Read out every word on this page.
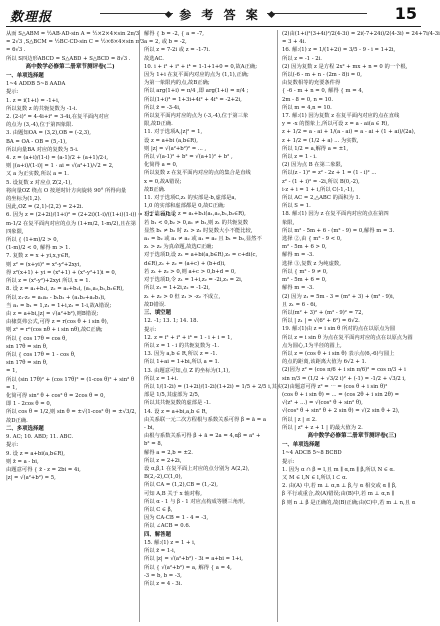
数理报	参 考 答 案	15
从而 S△ABM = ½AB·AD·sin A = ½×2×4×sin 2π/3
= 2√3 ,S△BCM = ½BC·CD·sin C = ½×6×4×sin π/3
= 6√3 .
所以 S四边形ABCD = S△ABD + S△BCD = 8√3 .
高中数学必修第二册章节测评卷(二)
一、单项选择题
1~4 ADDB 5~8 AADA
提示:
1. z = i(1+i) = -1+i,
所以复数 z 的共轭复数为 -1-i.
2. (2-i)² = 4-4i+i² = 3-4i,在复平面内对应
的点为 (3,-4),位于第四象限.
3. 由题知OA = (3,2),OB = (-2,3),
BA = OA - OB = (5,-1),
所以向量BA 对应的复数为 5-i.
4. z = (a+i)/(1-i) = (a-1)/2 + (a+1)/2·i,
则 |(a+i)/(1-i)| = 1 · ai = √(a²+1)/√2 = 2,
又 a 为正实数,所以 a = 1.
5. 设复数 z 对应点 Z(2,-1),
将向量OZ 绕点 O 按逆时针方向旋转 90° 所得向量
的坐标为(1,2).
因此,OZ = (2,1)·(2,2) = 2+2i.
6. 因为 z = (2+2i)/(1+i)² = (2+2i)(1-i)/((1+i)(1-i)) = 1/2 + m/2 i,
m-1/2 在复平面内对应的点为 (1+m/2, 1-m/2),且在第
四象限,
所以 { (1+m)/2 > 0,
(1-m)/2 < 0, 解得 m > 1.
7. 复数 z = x + yi,x,y∈R,
则 z² = (x+yi)² = x²-y²+2xyi,
得 z²(x+1) + yi = (x²+1) + (x²-y²+1)i = 0,
所以 z = (x²-y²)+2xyi 所以 x = 1.
8. 设 z = a₁+b₁i, z₂ = a₂+b₂i, (a₁,a₂,b₁,b₂∈R),
所以 z₁·z₂ = a₁a₂ - b₁b₂ + (a₁b₂+a₂b₁)i,
当 a₁ = b₁ = 1,z₁ = 1+i,z₂ = 1-i,故A错误;
由 z = a+bi,|z| = √(a²+b²),则B错误;
由棣莫弗公式,可得 z = r(cos θ + i sin θ),
则 zⁿ = rⁿ(cos nθ + i sin nθ),故C正确;
所以 { cos 17θ = cos θ,
sin 17θ = sin θ,
所以 { cos 17θ = 1 - cos θ,
sin 17θ = sin θ,
= 1,
所以 (sin 17θ)² + (cos 17θ)² = (1-cos θ)² + sin² θ
= 1,
化简可得 sin² θ + cos² θ = 2cos θ = 0,
即 1 - 2cos θ = 0,
所以 cos θ = 1/2,则 sin θ = ±√(1-cos² θ) = ±√3/2,
故D正确.
二、多项选择题
9. AC; 10. ABD; 11. ABC.
提示:
9. 设 z = a+bi(a,b∈R),
则 z̄ = a - bi,
由题意可得 { z̄ - z = 2bi = 4i,
|z| = √(a²+b²) = 5,
解得 { b = -2, { a = -7,
a = 2, 或 b = -2,
所以 z = 7-2i 或 z = -1-7i.
故选AC.
10. i + i² + i³ + i⁴ = 1-1+1+0 = 0,故A正确;
因为 1+i 在复平面内对应的点为 (1,1),正确;
为第一象限内的点,故B正确;
所以 arg(1+i) = π/4 ,即 arg(1+i) = π/4 ;
所以(1+i)³ = 1+3i+4i² + 4i³ = -2+2i,
所以 z̄ = -3-4i,
所以复平面内对应的点为 (-3,-4),位于第三象
限,故D正确.
11. 对于选项A,|z|² = 1,
设 z = a+bi (a,b∈R),
则 |z| = √(a²+b²)² = ... ,
所以 √(a-1)² + b² = √(a+1)² + b² ,
化简得 a = 0,
所以复数 z 在复平面内对应的点的集合是直线
x = 0,故A错误;
故B正确.
11. 对于选项C,z₁ 的实部是-b,虚部是a,
1,0 的实部和虚部都是 0,故C正确;
对于选项D,设 z = a₁+b₁i(a₁,a₂,b₁,b₂∈R),
若 b₁ < 0,b₂ > 0,a₁ ≠ b₂,则 z₁ 的共轭复数
显然 b₁ ≠ b₂ 时 z₁ > z₂ 时复数大小不能比较,
a₁ = b₂ 或 a₁ ≠ a₂ 或 a₁ = a₂ 且 b₁ = b₂,显然不
z₁ > z₂ 为真命题,故选C正确;
对于选项D,设 z₁ = a+bi(a,b∈R),z₂ = c+di(c,
d∈R),z₁ + z₂ = (a+c) + (b+d)i,
若 z₁ + z₂ > 0,则 a+c > 0,b+d = 0,
对于选项D,令 z₁ = 1+i,z₂ = -2i,z₃ = 2i,
所以 z₁ = 1+2i,z₂ = -1-2i,
z₁ + z₂ > 0 但 z₁ > -z₂ 不成立,
故D错误.
三、填空题
12. -1; 13. 1; 14. 18.
提示:
12. z = i² + i³ + i⁴ = 1 - i + i = 1,
所以 z = 1 - i 的共轭复数为 -1.
13. 因为 a,b ∈ R,所以 z = -1.
所以 1+ai = 1+bi,所以 a = 1.
13. 由题意可知,点 Z 的坐标为(1,1),
所以 z = 1+i.
所以 1/(1-2i) = (1+2i)/(1-2i)(1+2i) = 1/5 + 2/5 i,其实
部是 1/5,其虚部为 2/5,
所以其共轭复数的虚部是 -1.
14. 设 z = a+bi,a,b ∈ R,
由关系联一元二次方程根与系数关系可得 β = ā = a
- bi,
由根与系数关系可得 β + ā = 2a = 4,αβ = a² +
b² = 8,
解得 a = 2,b = ±2.
所以 z = 2+2i,
设 α,β,1 在复平面上对应的点分别为 A(2,2),
B(2,-2),C(1,0),
所以 CA = (1,2),CB = (1,-2),
可知 A,B 关于 x 轴对称,
所以 α - 1 与 β - 1 对应点构成等腰三角形,
所以 C ∈ β,
因为 CA·CB = 1 - 4 = -3,
所以 ∠ACB = 0.6.
四、解答题
15. 解:(1) z = 1 + i,
所以 z̄ = 1-i,
所以 |z| = √(a²+b²) - 3i = a+bi = 1+i,
所以 { √(a²+b²) = a, 解得 { a = 4,
-3 = b, b = -3,
所以 z = 4 - 3i.
(2)由(1+i)²(3+4i)²/2(4-3i) = 2i(-7+24i)/2(4-3i) = 24+7i/4-3i
= 3 + 4i.
16. 解:(1) z = 1/(1+2i) = 3/5 - 9 - i = 1+2i,
所以 z = -1 - 2i.
(2) 因为复数 z 是方程 2x² + mx + n = 0 的一个根,
所以(-6 - m + n - (2m - 8)i = 0,
由复数相等的充要条件得
{ -6 - m + n = 0, 解得 { m = 4,
2m - 8 = 0, n = 10.
所以 m = 4,n = 10.
17. 解:(1) 因为复数 z 在复平面内对应的点在直线
y = -x 的图象上,所以可设 z = a - ai(a ∈ R),
z + 1/2 = a - ai + 1/(a - ai) = a - ai + (1 + ai)/(2a),
z + 1/2 = (1/2 + a) ... 为实数,
所以 1/2 = a,解得 a = ±1,
所以 z = 1 - i.
(2) 因为点 B 在第二象限,
所以(z - 1)² = z² - 2z + 1 = (1 - i)² ...
z² - (1 + i)² = -2i,所以 B(0,-2),
i·z + i = 1 + i,所以 C(-1,-1),
所以 AC = 2,△ABC 的面积为 1.
所以 S = 1.
18. 解:(1) 因为 z 在复平面内对应的点在第四
象限,
所以 m² - 5m + 6 - (m² - 9) = 0,解得 m = 3.
选择 ②,由 { m² - 9 < 0,
m² - 5m + 6 > 0,
解得 m = -3.
选择 ③,复数 z 为纯虚数,
所以 { m² - 9 ≠ 0,
m² - 5m + 6 = 0,
解得 m = -3.
(2) 因为 z₁ = 5m - 3 = (m² + 3) + (m² - 9)i,
且 z₁ = 6 - 6i,
所以(m² + 3)² + (m² - 9)² = 72,
所以 | z₁ | = √(6² + 6²) = 6√2.
19. 解:(1)由 z = i sin θ 所对的点在以原点为圆
所以 z = i sin θ 为点在复平面内对应的点在以原点为圆
点为圆心,1为半径的圆上,
所以 z = (cos θ + i sin θ) 表示点(6,-6)与圆上
的点的距离,该距离大值为 6√2 + 1.
(2)因为 z² = (cos π/6 + i sin π/6)² = cos π/3 + i
sin π/3 = (1/2 + √3/2 i)² + (-1) = -1/2 + √3/2 i,
(2)由题意可得 z² = ⋯ = (cos θ + i sin θ)²
(cos θ + i sin θ) = ... = (cos 2θ + i sin 2θ) =
√(z² + ...) = √(cos² θ + sin² θ),
√(cos² θ + sin² θ + 2 sin θ) = √(2 sin θ + 2),
所以 | z | ≤ 2.
所以 | z² + z + 1 | 的最大值为 2.
高中数学必修第二册章节测评卷(三)
一、单项选择题
1~4 ADCB 5~8 BCBD
提示:
1. 因为 α ∩ β = l,且 m ∥ α,m ∥ β,所以 N ∈ α.
又 M ∈ l,N ∈ l,所以 l ⊂ α.
2. 由(A) 中,若 m ⊥ α,n ⊥ β,与 α 相交或 α ∥ β,
β 平行或重合,故(A)错误;由(B)中,若 m ⊥ α,n ∥
β 则 n ⊥ β 是正确的,故(B)正确;由(C)中,若 m ⊥ n,且 α
